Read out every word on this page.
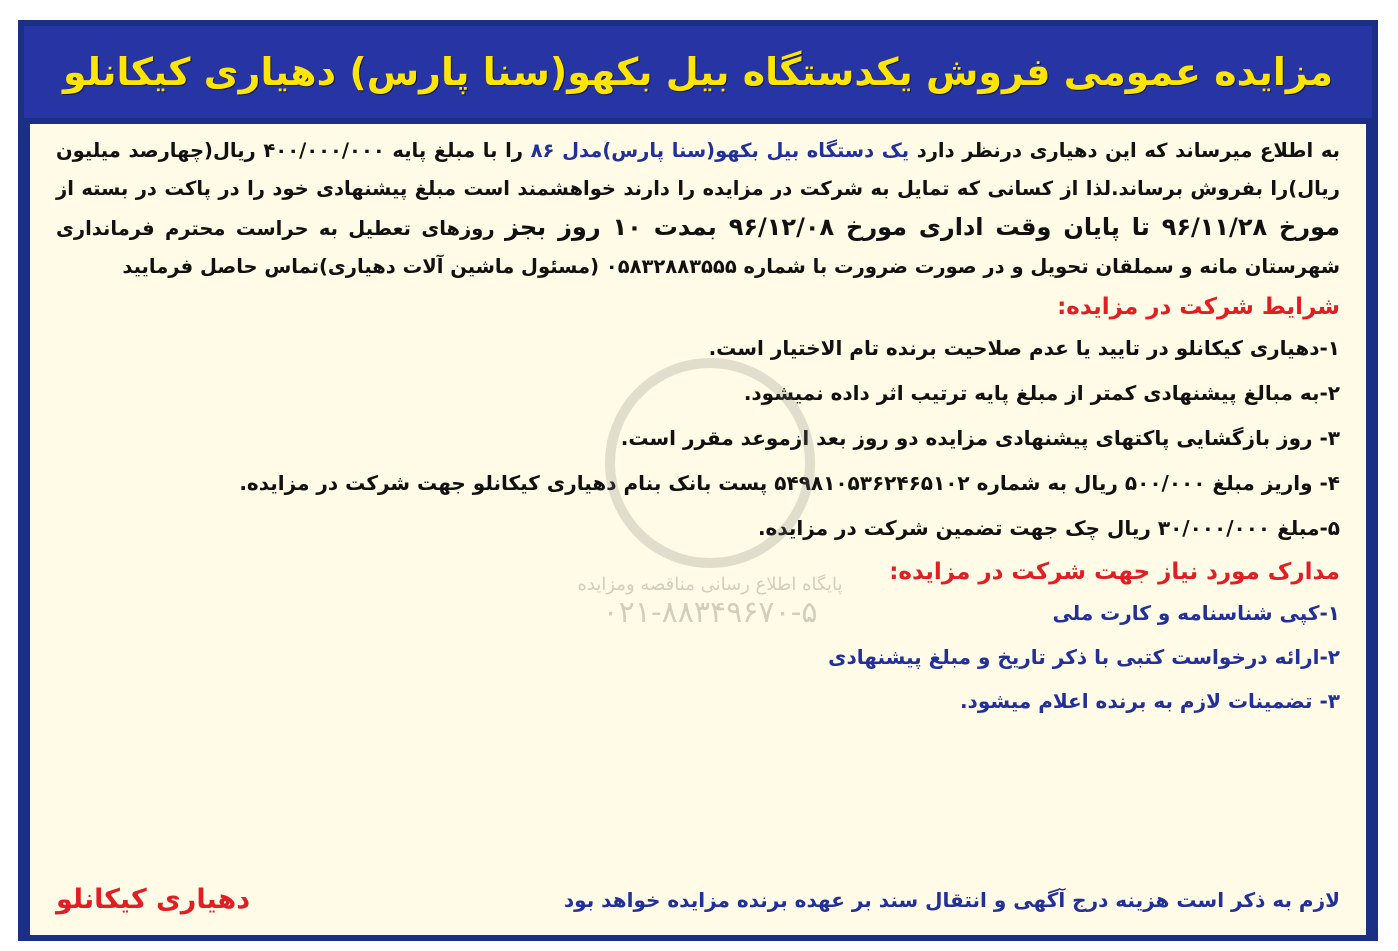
مزایده عمومی فروش یکدستگاه بیل بکهو(سنا پارس) دهیاری کیکانلو
پایگاه اطلاع رسانی مناقصه ومزایده
۰۲۱-۸۸۳۴۹۶۷۰-۵

به اطلاع میرساند که این دهیاری درنظر دارد یک دستگاه بیل بکهو(سنا پارس)مدل ۸۶ را با مبلغ پایه ۴۰۰/۰۰۰/۰۰۰ ریال(چهارصد میلیون ریال)را بفروش برساند.لذا از کسانی که تمایل به شرکت در مزایده را دارند خواهشمند است مبلغ پیشنهادی خود را در پاکت در بسته از مورخ ۹۶/۱۱/۲۸ تا پایان وقت اداری مورخ ۹۶/۱۲/۰۸ بمدت ۱۰ روز بجز روزهای تعطیل به حراست محترم فرمانداری شهرستان مانه و سملقان تحویل و در صورت ضرورت با شماره ۰۵۸۳۲۸۸۳۵۵۵ (مسئول ماشین آلات دهیاری)تماس حاصل فرمایید

شرایط شرکت در مزایده:

۱-دهیاری کیکانلو در تایید یا عدم صلاحیت برنده تام الاختیار است.

۲-به مبالغ پیشنهادی کمتر از مبلغ پایه ترتیب اثر داده نمیشود.

۳- روز بازگشایی پاکتهای پیشنهادی مزایده دو روز بعد ازموعد مقرر است.

۴- واریز مبلغ ۵۰۰/۰۰۰ ریال به شماره ۵۴۹۸۱۰۵۳۶۲۴۶۵۱۰۲ پست بانک بنام دهیاری کیکانلو جهت شرکت در مزایده.

۵-مبلغ ۳۰/۰۰۰/۰۰۰ ریال چک جهت تضمین شرکت در مزایده.

مدارک مورد نیاز جهت شرکت در مزایده:

۱-کپی شناسنامه و کارت ملی

۲-ارائه درخواست کتبی با ذکر تاریخ و مبلغ پیشنهادی

۳- تضمینات لازم به برنده اعلام میشود.

لازم به ذکر است هزینه درج آگهی و انتقال سند بر عهده برنده مزایده خواهد بود
دهیاری کیکانلو
